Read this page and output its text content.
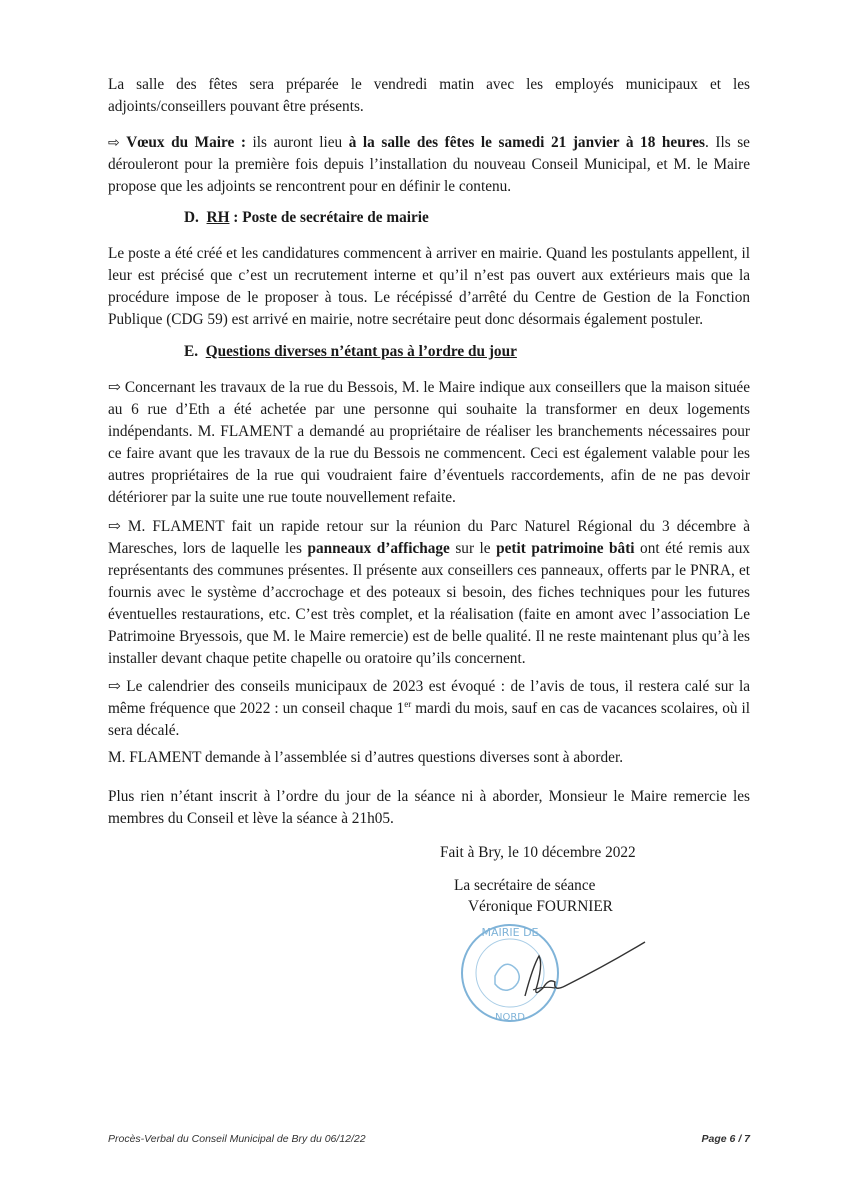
La salle des fêtes sera préparée le vendredi matin avec les employés municipaux et les adjoints/conseillers pouvant être présents.

⇨ Vœux du Maire : ils auront lieu à la salle des fêtes le samedi 21 janvier à 18 heures. Ils se dérouleront pour la première fois depuis l’installation du nouveau Conseil Municipal, et M. le Maire propose que les adjoints se rencontrent pour en définir le contenu.

D. RH : Poste de secrétaire de mairie

Le poste a été créé et les candidatures commencent à arriver en mairie. Quand les postulants appellent, il leur est précisé que c’est un recrutement interne et qu’il n’est pas ouvert aux extérieurs mais que la procédure impose de le proposer à tous. Le récépissé d’arrêté du Centre de Gestion de la Fonction Publique (CDG 59) est arrivé en mairie, notre secrétaire peut donc désormais également postuler.

E. Questions diverses n’étant pas à l’ordre du jour

⇨ Concernant les travaux de la rue du Bessois, M. le Maire indique aux conseillers que la maison située au 6 rue d’Eth a été achetée par une personne qui souhaite la transformer en deux logements indépendants. M. FLAMENT a demandé au propriétaire de réaliser les branchements nécessaires pour ce faire avant que les travaux de la rue du Bessois ne commencent. Ceci est également valable pour les autres propriétaires de la rue qui voudraient faire d’éventuels raccordements, afin de ne pas devoir détériorer par la suite une rue toute nouvellement refaite.

⇨ M. FLAMENT fait un rapide retour sur la réunion du Parc Naturel Régional du 3 décembre à Maresches, lors de laquelle les panneaux d’affichage sur le petit patrimoine bâti ont été remis aux représentants des communes présentes. Il présente aux conseillers ces panneaux, offerts par le PNRA, et fournis avec le système d’accrochage et des poteaux si besoin, des fiches techniques pour les futures éventuelles restaurations, etc. C’est très complet, et la réalisation (faite en amont avec l’association Le Patrimoine Bryessois, que M. le Maire remercie) est de belle qualité. Il ne reste maintenant plus qu’à les installer devant chaque petite chapelle ou oratoire qu’ils concernent.

⇨ Le calendrier des conseils municipaux de 2023 est évoqué : de l’avis de tous, il restera calé sur la même fréquence que 2022 : un conseil chaque 1er mardi du mois, sauf en cas de vacances scolaires, où il sera décalé.

M. FLAMENT demande à l’assemblée si d’autres questions diverses sont à aborder.

Plus rien n’étant inscrit à l’ordre du jour de la séance ni à aborder, Monsieur le Maire remercie les membres du Conseil et lève la séance à 21h05.

Fait à Bry, le 10 décembre 2022
La secrétaire de séance
Véronique FOURNIER
MAIRIE DE
NORD
Procès-Verbal du Conseil Municipal de Bry du 06/12/22	Page 6 / 7
